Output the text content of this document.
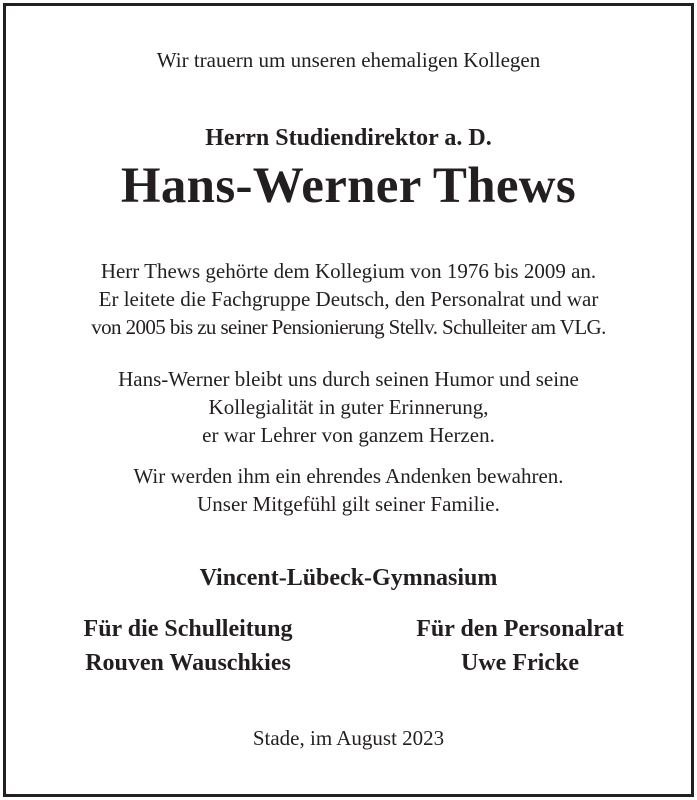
Wir trauern um unseren ehemaligen Kollegen
Herrn Studiendirektor a. D.
Hans-Werner Thews
Herr Thews gehörte dem Kollegium von 1976 bis 2009 an.
Er leitete die Fachgruppe Deutsch, den Personalrat und war
von 2005 bis zu seiner Pensionierung Stellv. Schulleiter am VLG.
Hans-Werner bleibt uns durch seinen Humor und seine
Kollegialität in guter Erinnerung,
er war Lehrer von ganzem Herzen.
Wir werden ihm ein ehrendes Andenken bewahren.
Unser Mitgefühl gilt seiner Familie.
Vincent-Lübeck-Gymnasium
Für die Schulleitung
Rouven Wauschkies
Für den Personalrat
Uwe Fricke
Stade, im August 2023
